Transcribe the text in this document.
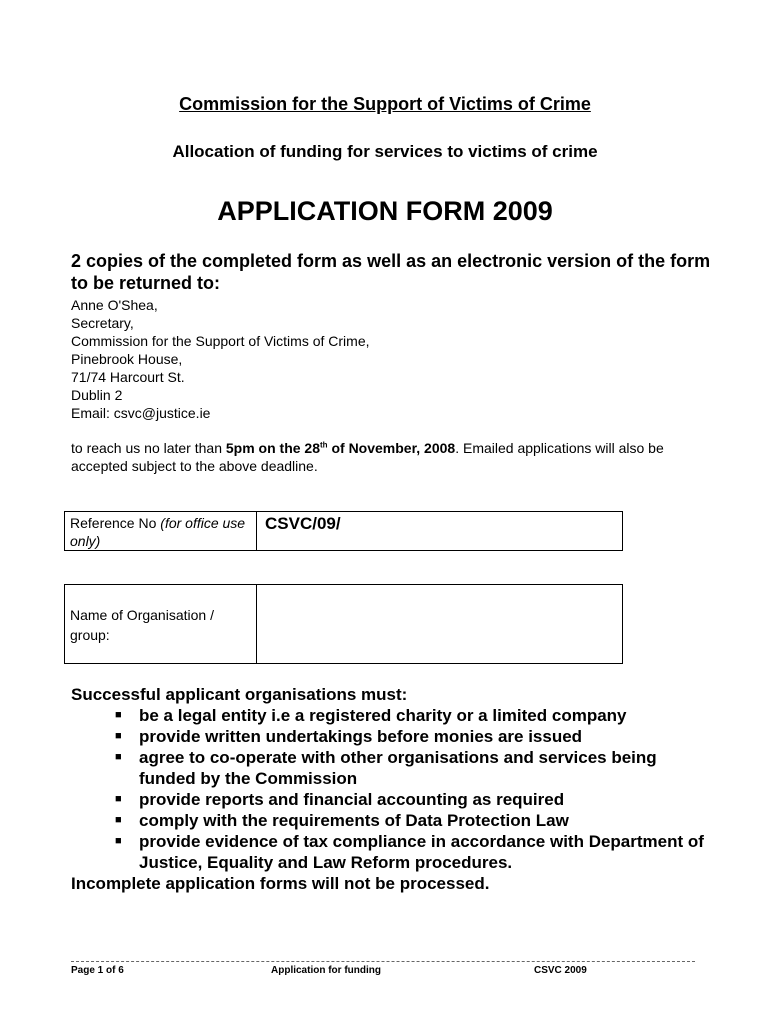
Commission for the Support of Victims of Crime
Allocation of funding for services to victims of crime
APPLICATION FORM 2009
2 copies of the completed form as well as an electronic version of the form to be returned to:
Anne O'Shea,
Secretary,
Commission for the Support of Victims of Crime,
Pinebrook House,
71/74 Harcourt St.
Dublin 2
Email: csvc@justice.ie
to reach us no later than 5pm on the 28th of November, 2008. Emailed applications will also be accepted subject to the above deadline.
Reference No (for office use only)	CSVC/09/
Name of Organisation / group:	
Successful applicant organisations must:
■ be a legal entity i.e a registered charity or a limited company
■ provide written undertakings before monies are issued
■ agree to co-operate with other organisations and services being funded by the Commission
■ provide reports and financial accounting as required
■ comply with the requirements of Data Protection Law
■ provide evidence of tax compliance in accordance with Department of Justice, Equality and Law Reform procedures.
Incomplete application forms will not be processed.
Page 1 of 6	Application for funding	CSVC 2009
